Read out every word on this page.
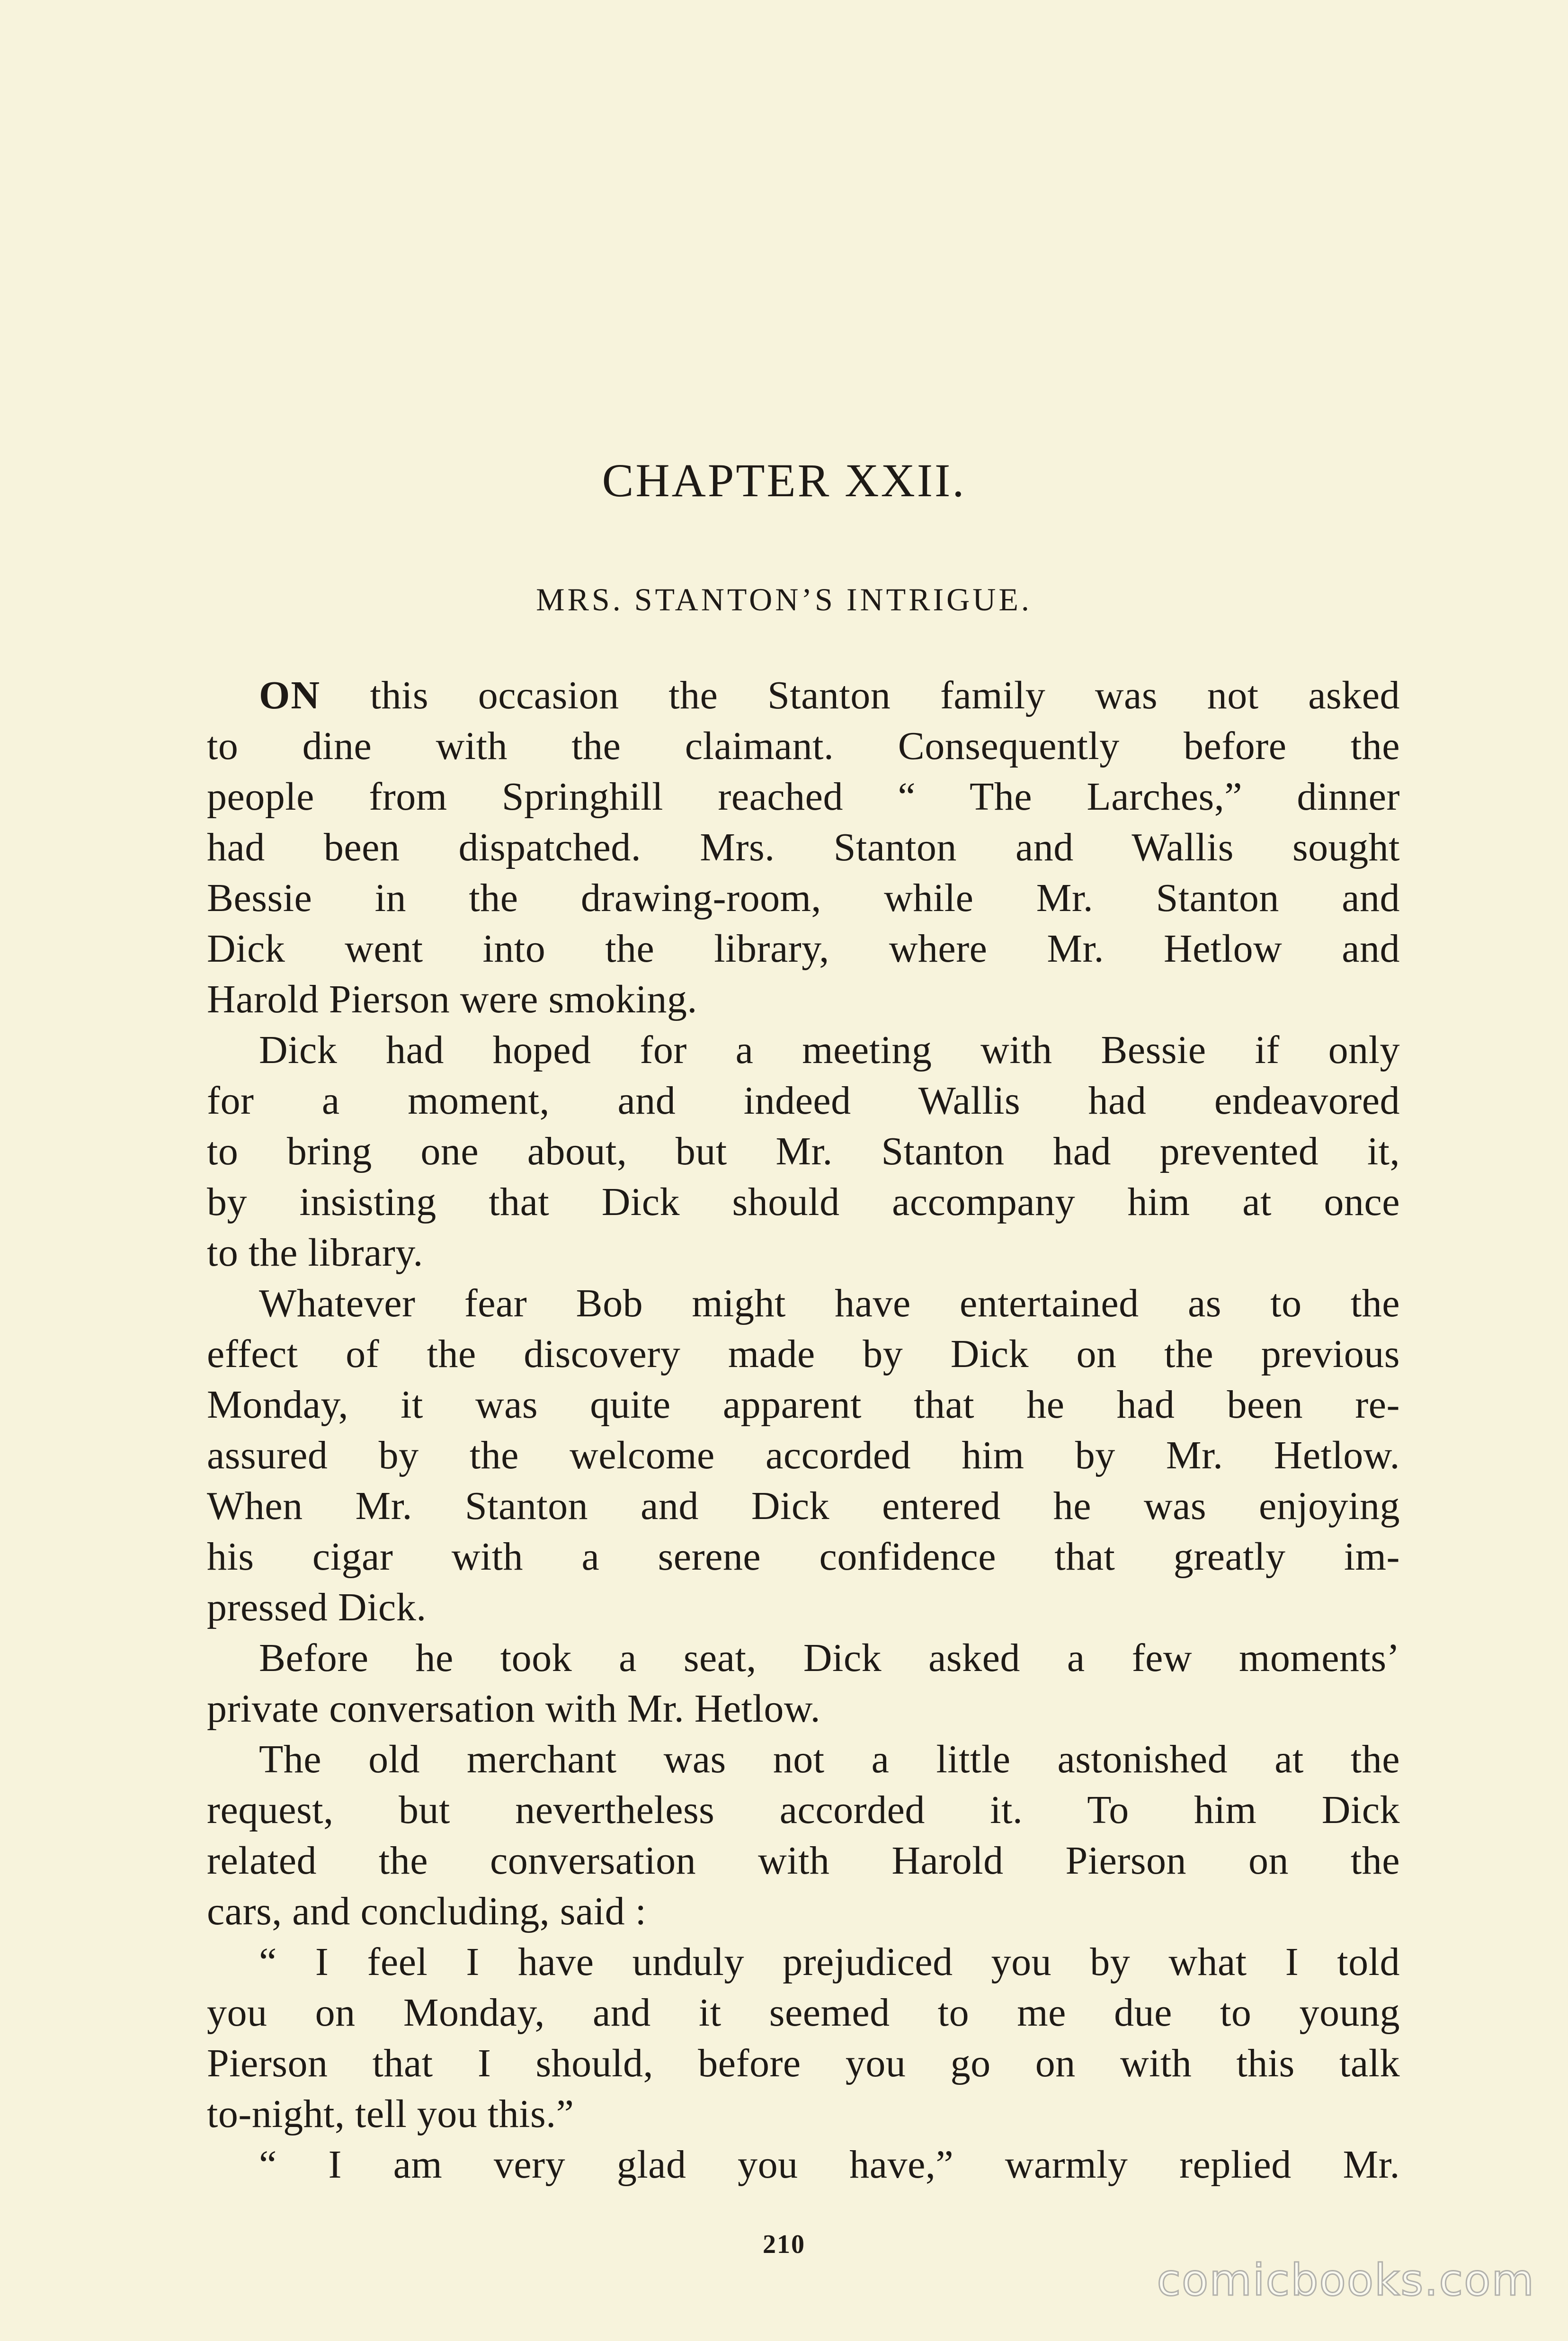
CHAPTER XXII.
MRS. STANTON’S INTRIGUE.
ON this occasion the Stanton family was not asked
to dine with the claimant. Consequently before the
people from Springhill reached “ The Larches,” dinner
had been dispatched. Mrs. Stanton and Wallis sought
Bessie in the drawing-room, while Mr. Stanton and
Dick went into the library, where Mr. Hetlow and
Harold Pierson were smoking.
Dick had hoped for a meeting with Bessie if only
for a moment, and indeed Wallis had endeavored
to bring one about, but Mr. Stanton had prevented it,
by insisting that Dick should accompany him at once
to the library.
Whatever fear Bob might have entertained as to the
effect of the discovery made by Dick on the previous
Monday, it was quite apparent that he had been re-
assured by the welcome accorded him by Mr. Hetlow.
When Mr. Stanton and Dick entered he was enjoying
his cigar with a serene confidence that greatly im-
pressed Dick.
Before he took a seat, Dick asked a few moments’
private conversation with Mr. Hetlow.
The old merchant was not a little astonished at the
request, but nevertheless accorded it. To him Dick
related the conversation with Harold Pierson on the
cars, and concluding, said :
“ I feel I have unduly prejudiced you by what I told
you on Monday, and it seemed to me due to young
Pierson that I should, before you go on with this talk
to-night, tell you this.”
“ I am very glad you have,” warmly replied Mr.
210
comicbooks.com
